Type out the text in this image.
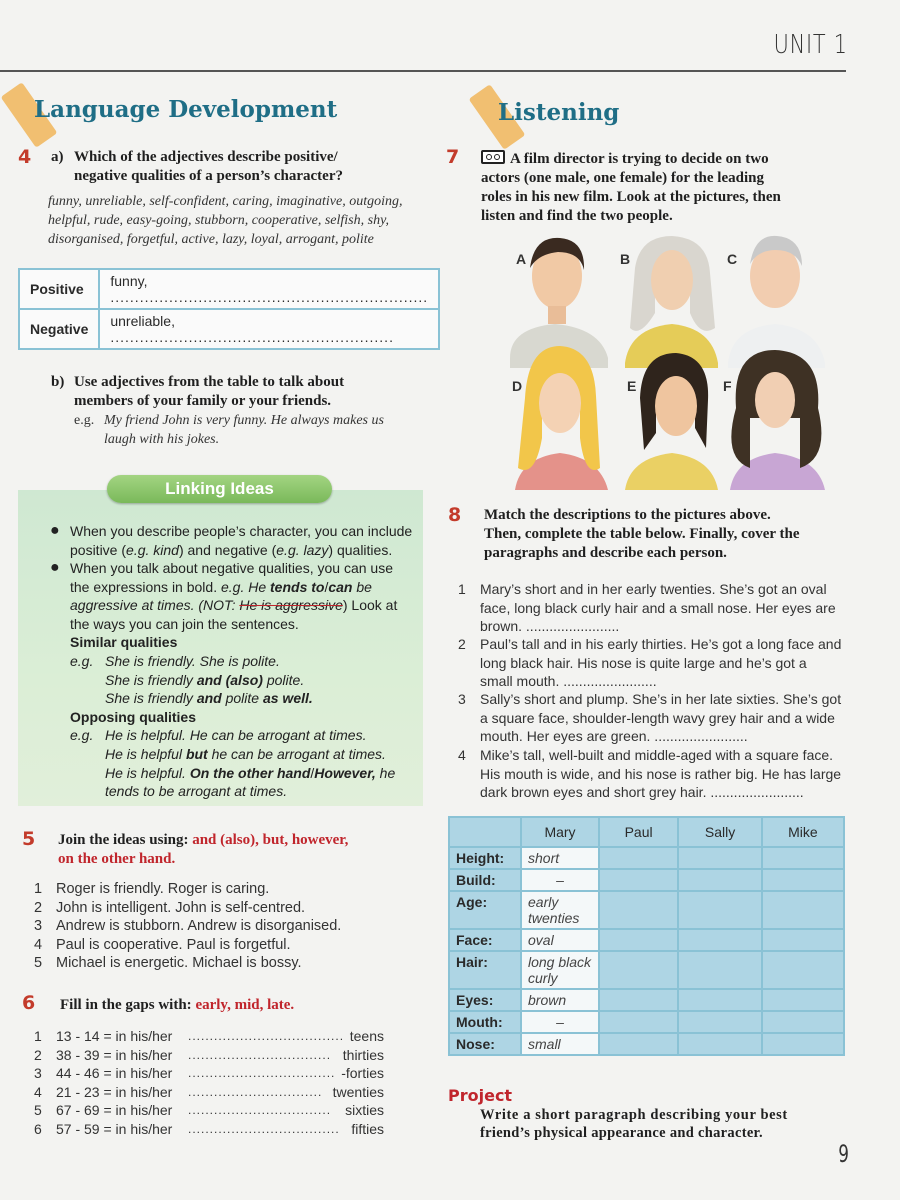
UNIT 1
Language Development
4 a) Which of the adjectives describe positive/
negative qualities of a person’s character?
funny, unreliable, self-confident, caring, imaginative, outgoing,
helpful, rude, easy-going, stubborn, cooperative, selfish, shy,
disorganised, forgetful, active, lazy, loyal, arrogant, polite
Positive	funny, .................................................................
Negative	unreliable, ..........................................................
b) Use adjectives from the table to talk about
members of your family or your friends.
e.g. My friend John is very funny. He always makes us
laugh with his jokes.
Linking Ideas
● When you describe people’s character, you can include
positive (e.g. kind) and negative (e.g. lazy) qualities.
● When you talk about negative qualities, you can use
the expressions in bold. e.g. He tends to/can be
aggressive at times. (NOT: He is aggressive) Look at
the ways you can join the sentences.
Similar qualities
e.g. She is friendly. She is polite.
She is friendly and (also) polite.
She is friendly and polite as well.
Opposing qualities
e.g. He is helpful. He can be arrogant at times.
He is helpful but he can be arrogant at times.
He is helpful. On the other hand/However, he
tends to be arrogant at times.
5 Join the ideas using: and (also), but, however,
on the other hand.
1 Roger is friendly. Roger is caring.
2 John is intelligent. John is self-centred.
3 Andrew is stubborn. Andrew is disorganised.
4 Paul is cooperative. Paul is forgetful.
5 Michael is energetic. Michael is bossy.
6 Fill in the gaps with: early, mid, late.
1	13 - 14 = in his/her	.................................... teens
2	38 - 39 = in his/her	................................. thirties
3	44 - 46 = in his/her	.................................. -forties
4	21 - 23 = in his/her	............................... twenties
5	67 - 69 = in his/her	.................................	sixties
6	57 - 59 = in his/her	................................... fifties
Listening
7	A film director is trying to decide on two
actors (one male, one female) for the leading
roles in his new film. Look at the pictures, then
listen and find the two people.
A	B	C
D	E	F
8 Match the descriptions to the pictures above.
Then, complete the table below. Finally, cover the
paragraphs and describe each person.
1 Mary’s short and in her early twenties. She’s got an oval
face, long black curly hair and a small nose. Her eyes are
brown. ........................
2 Paul’s tall and in his early thirties. He’s got a long face and
long black hair. His nose is quite large and he’s got a
small mouth. ........................
3 Sally’s short and plump. She’s in her late sixties. She’s got
a square face, shoulder-length wavy grey hair and a wide
mouth. Her eyes are green. ........................
4 Mike’s tall, well-built and middle-aged with a square face.
His mouth is wide, and his nose is rather big. He has large
dark brown eyes and short grey hair. ........................
	Mary	Paul	Sally	Mike
Height:	short			

Build:	–			

Age:	early
twenties			

Face:	oval			

Hair:	long black
curly			

Eyes:	brown			

Mouth:	–			

Nose:	small			

Project
Write a short paragraph describing your best
friend’s physical appearance and character.
9
